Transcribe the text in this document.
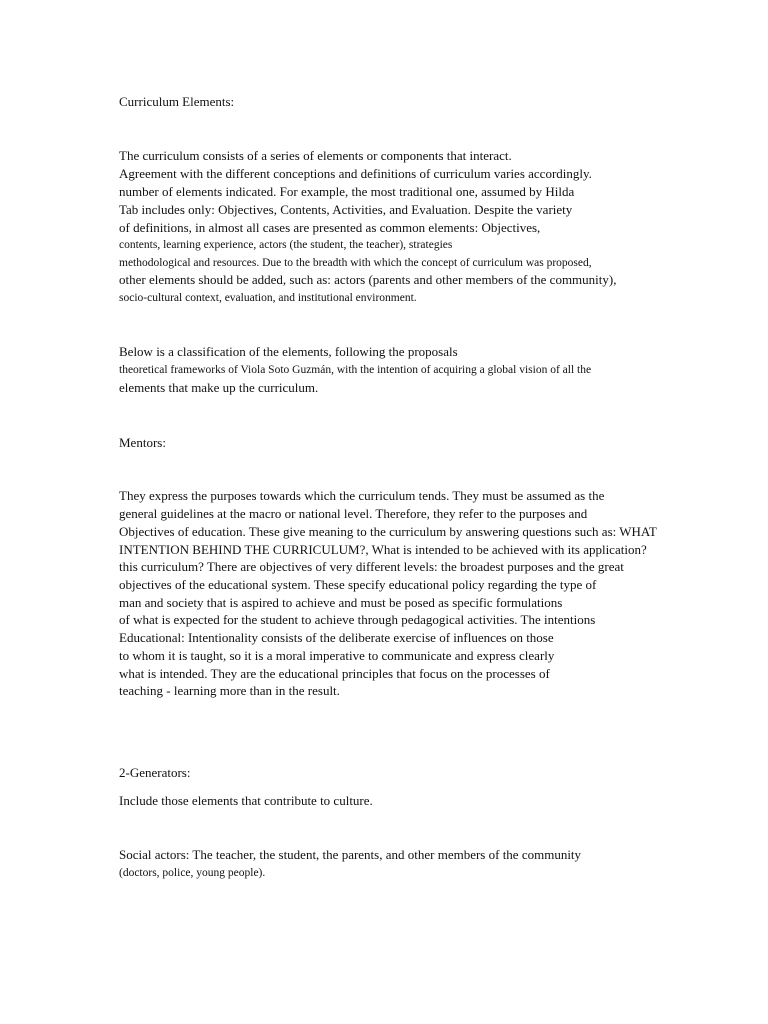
Curriculum Elements:
The curriculum consists of a series of elements or components that interact.
Agreement with the different conceptions and definitions of curriculum varies accordingly.
number of elements indicated. For example, the most traditional one, assumed by Hilda
Tab includes only: Objectives, Contents, Activities, and Evaluation. Despite the variety
of definitions, in almost all cases are presented as common elements: Objectives,
contents, learning experience, actors (the student, the teacher), strategies
methodological and resources. Due to the breadth with which the concept of curriculum was proposed,
other elements should be added, such as: actors (parents and other members of the community),
socio-cultural context, evaluation, and institutional environment.
Below is a classification of the elements, following the proposals
theoretical frameworks of Viola Soto Guzmán, with the intention of acquiring a global vision of all the
elements that make up the curriculum.
Mentors:
They express the purposes towards which the curriculum tends. They must be assumed as the
general guidelines at the macro or national level. Therefore, they refer to the purposes and
Objectives of education. These give meaning to the curriculum by answering questions such as: WHAT
INTENTION BEHIND THE CURRICULUM?, What is intended to be achieved with its application?
this curriculum? There are objectives of very different levels: the broadest purposes and the great
objectives of the educational system. These specify educational policy regarding the type of
man and society that is aspired to achieve and must be posed as specific formulations
of what is expected for the student to achieve through pedagogical activities. The intentions
Educational: Intentionality consists of the deliberate exercise of influences on those
to whom it is taught, so it is a moral imperative to communicate and express clearly
what is intended. They are the educational principles that focus on the processes of
teaching - learning more than in the result.
2-Generators:
Include those elements that contribute to culture.
Social actors: The teacher, the student, the parents, and other members of the community
(doctors, police, young people).
